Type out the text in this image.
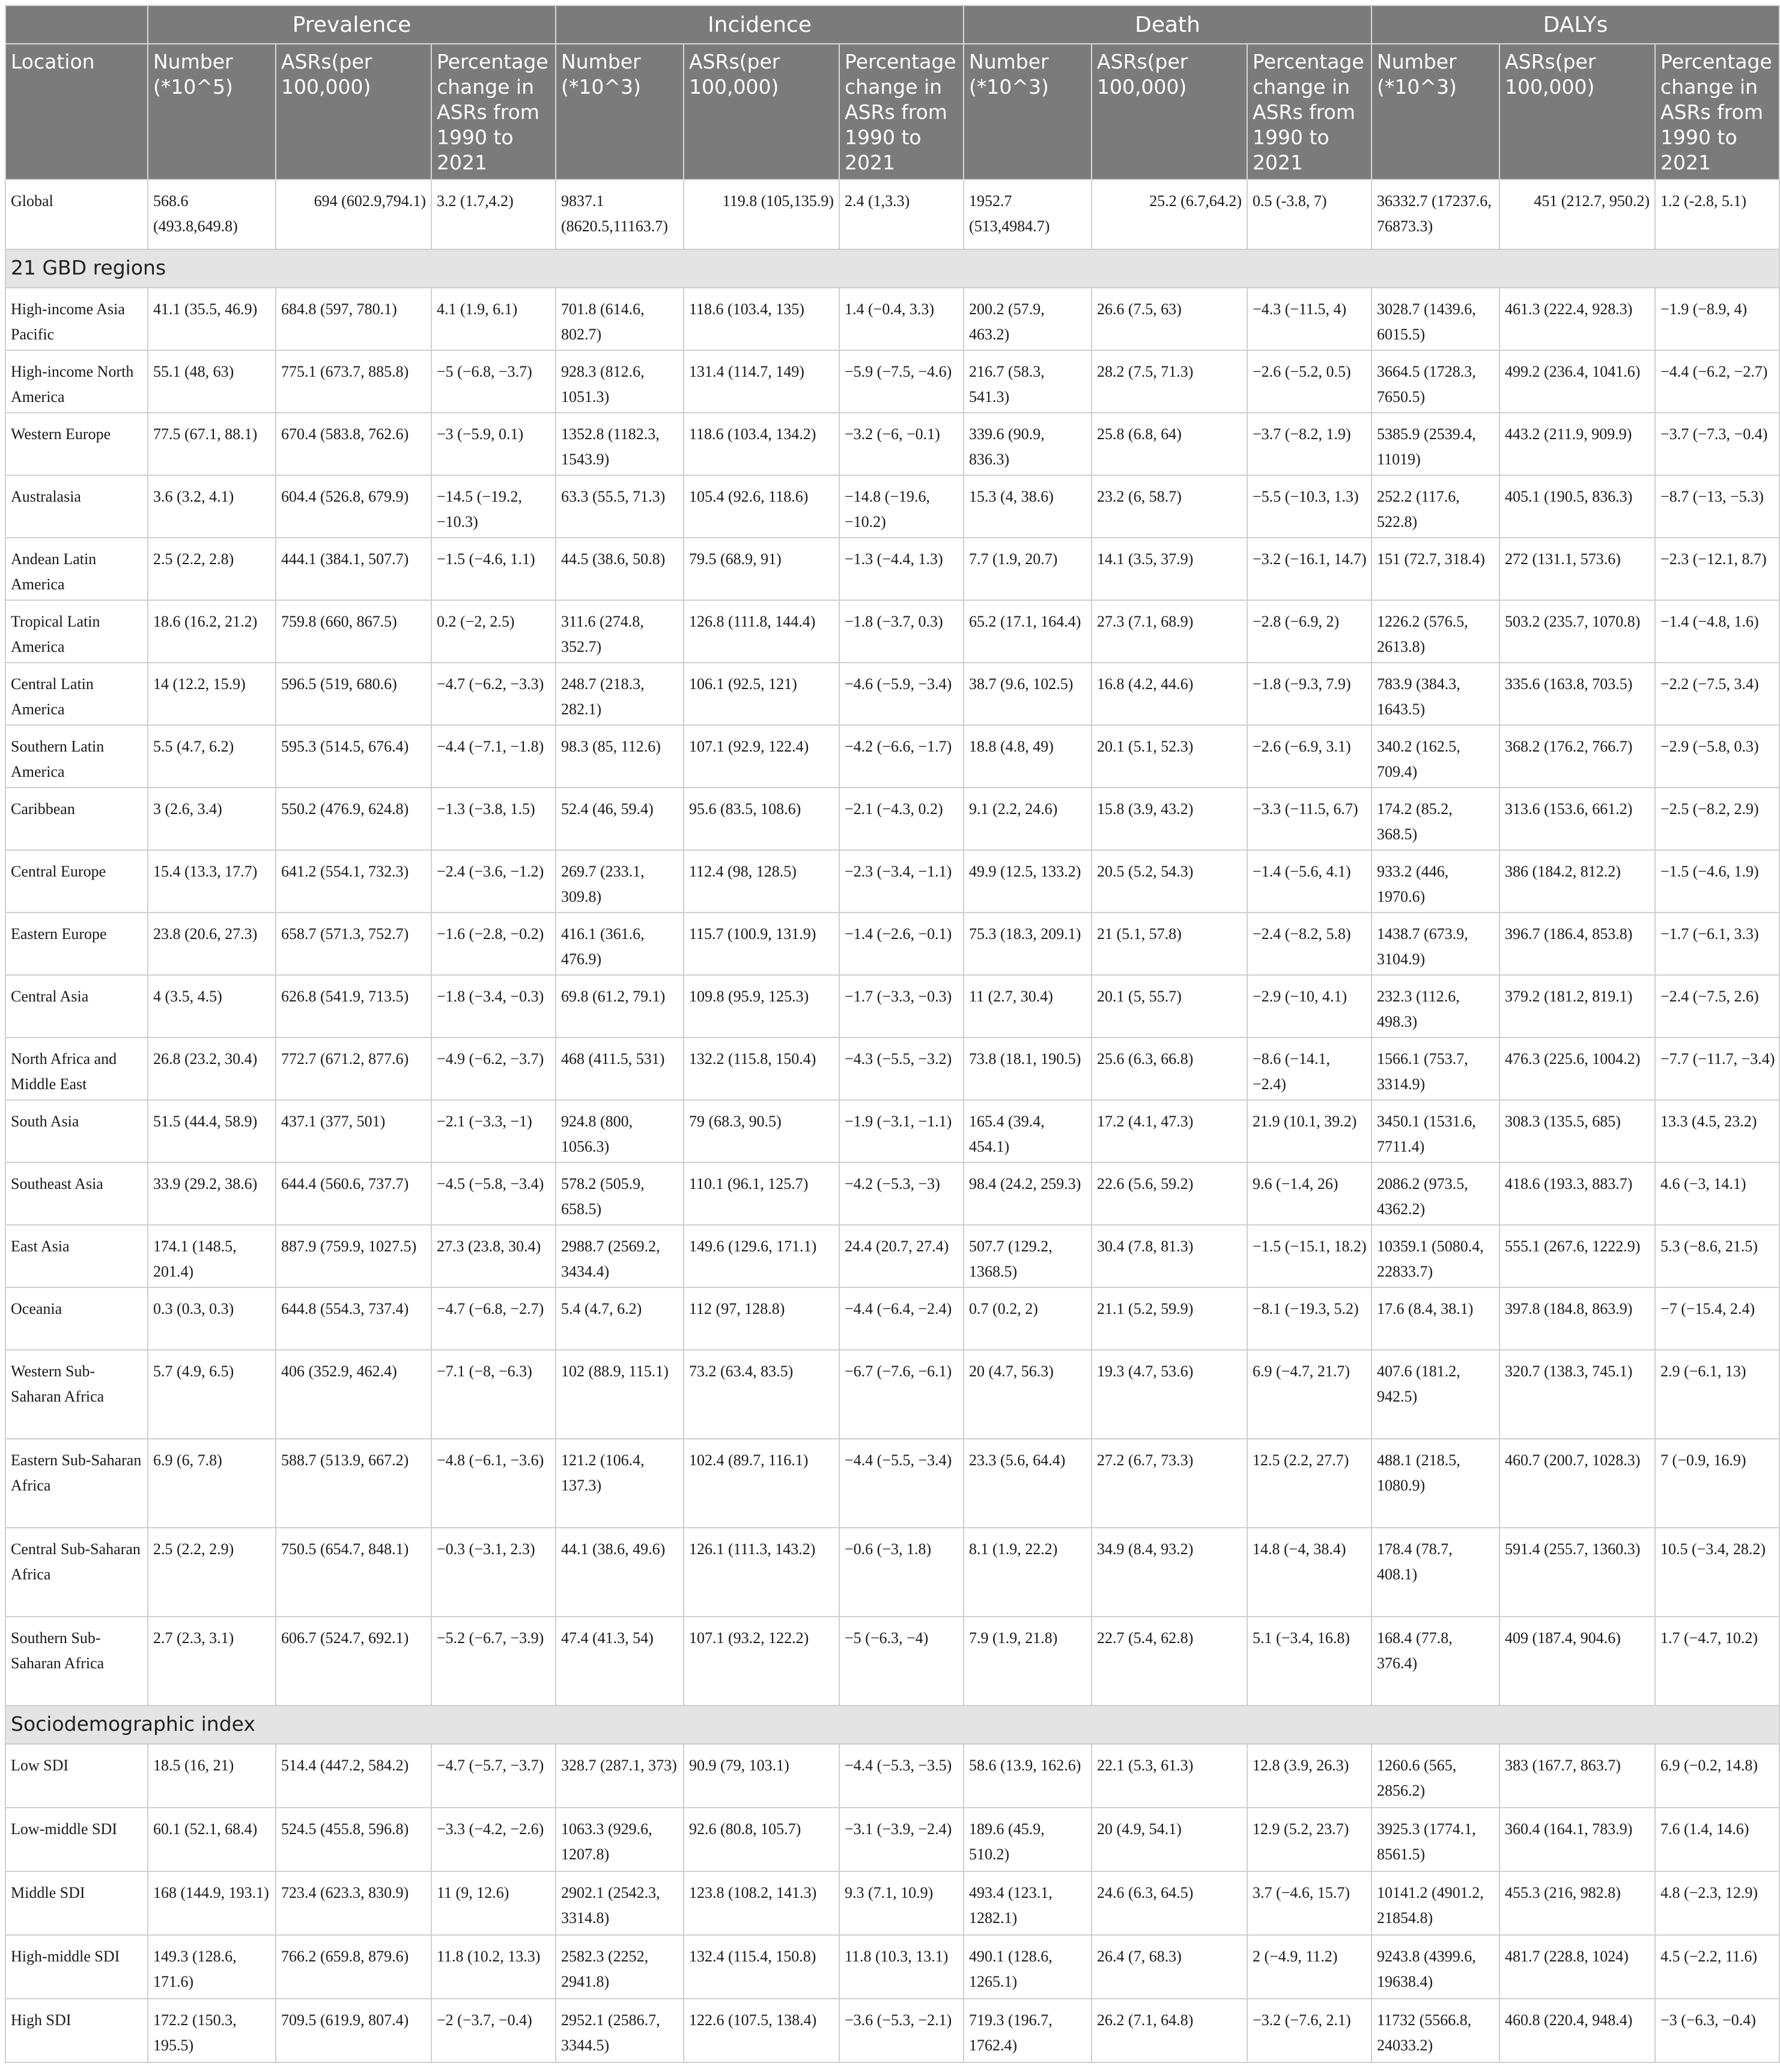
	Prevalence			Incidence			Death			DALYs		
Location	Number (*10^5)	ASRs(per 100,000)	Percentage change in ASRs from 1990 to 2021	Number (*10^3)	ASRs(per 100,000)	Percentage change in ASRs from 1990 to 2021	Number (*10^3)	ASRs(per 100,000)	Percentage change in ASRs from 1990 to 2021	Number (*10^3)	ASRs(per 100,000)	Percentage change in ASRs from 1990 to 2021
Global	568.6 (493.8,649.8)	694 (602.9,794.1)	3.2 (1.7,4.2)	9837.1 (8620.5,11163.7)	119.8 (105,135.9)	2.4 (1,3.3)	1952.7 (513,4984.7)	25.2 (6.7,64.2)	0.5 (-3.8, 7)	36332.7 (17237.6, 76873.3)	451 (212.7, 950.2)	1.2 (-2.8, 5.1)
21 GBD regions												
High-income Asia Pacific	41.1 (35.5, 46.9)	684.8 (597, 780.1)	4.1 (1.9, 6.1)	701.8 (614.6, 802.7)	118.6 (103.4, 135)	1.4 (−0.4, 3.3)	200.2 (57.9, 463.2)	26.6 (7.5, 63)	−4.3 (−11.5, 4)	3028.7 (1439.6, 6015.5)	461.3 (222.4, 928.3)	−1.9 (−8.9, 4)
High-income North America	55.1 (48, 63)	775.1 (673.7, 885.8)	−5 (−6.8, −3.7)	928.3 (812.6, 1051.3)	131.4 (114.7, 149)	−5.9 (−7.5, −4.6)	216.7 (58.3, 541.3)	28.2 (7.5, 71.3)	−2.6 (−5.2, 0.5)	3664.5 (1728.3, 7650.5)	499.2 (236.4, 1041.6)	−4.4 (−6.2, −2.7)
Western Europe	77.5 (67.1, 88.1)	670.4 (583.8, 762.6)	−3 (−5.9, 0.1)	1352.8 (1182.3, 1543.9)	118.6 (103.4, 134.2)	−3.2 (−6, −0.1)	339.6 (90.9, 836.3)	25.8 (6.8, 64)	−3.7 (−8.2, 1.9)	5385.9 (2539.4, 11019)	443.2 (211.9, 909.9)	−3.7 (−7.3, −0.4)
Australasia	3.6 (3.2, 4.1)	604.4 (526.8, 679.9)	−14.5 (−19.2, −10.3)	63.3 (55.5, 71.3)	105.4 (92.6, 118.6)	−14.8 (−19.6, −10.2)	15.3 (4, 38.6)	23.2 (6, 58.7)	−5.5 (−10.3, 1.3)	252.2 (117.6, 522.8)	405.1 (190.5, 836.3)	−8.7 (−13, −5.3)
Andean Latin America	2.5 (2.2, 2.8)	444.1 (384.1, 507.7)	−1.5 (−4.6, 1.1)	44.5 (38.6, 50.8)	79.5 (68.9, 91)	−1.3 (−4.4, 1.3)	7.7 (1.9, 20.7)	14.1 (3.5, 37.9)	−3.2 (−16.1, 14.7)	151 (72.7, 318.4)	272 (131.1, 573.6)	−2.3 (−12.1, 8.7)
Tropical Latin America	18.6 (16.2, 21.2)	759.8 (660, 867.5)	0.2 (−2, 2.5)	311.6 (274.8, 352.7)	126.8 (111.8, 144.4)	−1.8 (−3.7, 0.3)	65.2 (17.1, 164.4)	27.3 (7.1, 68.9)	−2.8 (−6.9, 2)	1226.2 (576.5, 2613.8)	503.2 (235.7, 1070.8)	−1.4 (−4.8, 1.6)
Central Latin America	14 (12.2, 15.9)	596.5 (519, 680.6)	−4.7 (−6.2, −3.3)	248.7 (218.3, 282.1)	106.1 (92.5, 121)	−4.6 (−5.9, −3.4)	38.7 (9.6, 102.5)	16.8 (4.2, 44.6)	−1.8 (−9.3, 7.9)	783.9 (384.3, 1643.5)	335.6 (163.8, 703.5)	−2.2 (−7.5, 3.4)
Southern Latin America	5.5 (4.7, 6.2)	595.3 (514.5, 676.4)	−4.4 (−7.1, −1.8)	98.3 (85, 112.6)	107.1 (92.9, 122.4)	−4.2 (−6.6, −1.7)	18.8 (4.8, 49)	20.1 (5.1, 52.3)	−2.6 (−6.9, 3.1)	340.2 (162.5, 709.4)	368.2 (176.2, 766.7)	−2.9 (−5.8, 0.3)
Caribbean	3 (2.6, 3.4)	550.2 (476.9, 624.8)	−1.3 (−3.8, 1.5)	52.4 (46, 59.4)	95.6 (83.5, 108.6)	−2.1 (−4.3, 0.2)	9.1 (2.2, 24.6)	15.8 (3.9, 43.2)	−3.3 (−11.5, 6.7)	174.2 (85.2, 368.5)	313.6 (153.6, 661.2)	−2.5 (−8.2, 2.9)
Central Europe	15.4 (13.3, 17.7)	641.2 (554.1, 732.3)	−2.4 (−3.6, −1.2)	269.7 (233.1, 309.8)	112.4 (98, 128.5)	−2.3 (−3.4, −1.1)	49.9 (12.5, 133.2)	20.5 (5.2, 54.3)	−1.4 (−5.6, 4.1)	933.2 (446, 1970.6)	386 (184.2, 812.2)	−1.5 (−4.6, 1.9)
Eastern Europe	23.8 (20.6, 27.3)	658.7 (571.3, 752.7)	−1.6 (−2.8, −0.2)	416.1 (361.6, 476.9)	115.7 (100.9, 131.9)	−1.4 (−2.6, −0.1)	75.3 (18.3, 209.1)	21 (5.1, 57.8)	−2.4 (−8.2, 5.8)	1438.7 (673.9, 3104.9)	396.7 (186.4, 853.8)	−1.7 (−6.1, 3.3)
Central Asia	4 (3.5, 4.5)	626.8 (541.9, 713.5)	−1.8 (−3.4, −0.3)	69.8 (61.2, 79.1)	109.8 (95.9, 125.3)	−1.7 (−3.3, −0.3)	11 (2.7, 30.4)	20.1 (5, 55.7)	−2.9 (−10, 4.1)	232.3 (112.6, 498.3)	379.2 (181.2, 819.1)	−2.4 (−7.5, 2.6)
North Africa and Middle East	26.8 (23.2, 30.4)	772.7 (671.2, 877.6)	−4.9 (−6.2, −3.7)	468 (411.5, 531)	132.2 (115.8, 150.4)	−4.3 (−5.5, −3.2)	73.8 (18.1, 190.5)	25.6 (6.3, 66.8)	−8.6 (−14.1, −2.4)	1566.1 (753.7, 3314.9)	476.3 (225.6, 1004.2)	−7.7 (−11.7, −3.4)
South Asia	51.5 (44.4, 58.9)	437.1 (377, 501)	−2.1 (−3.3, −1)	924.8 (800, 1056.3)	79 (68.3, 90.5)	−1.9 (−3.1, −1.1)	165.4 (39.4, 454.1)	17.2 (4.1, 47.3)	21.9 (10.1, 39.2)	3450.1 (1531.6, 7711.4)	308.3 (135.5, 685)	13.3 (4.5, 23.2)
Southeast Asia	33.9 (29.2, 38.6)	644.4 (560.6, 737.7)	−4.5 (−5.8, −3.4)	578.2 (505.9, 658.5)	110.1 (96.1, 125.7)	−4.2 (−5.3, −3)	98.4 (24.2, 259.3)	22.6 (5.6, 59.2)	9.6 (−1.4, 26)	2086.2 (973.5, 4362.2)	418.6 (193.3, 883.7)	4.6 (−3, 14.1)
East Asia	174.1 (148.5, 201.4)	887.9 (759.9, 1027.5)	27.3 (23.8, 30.4)	2988.7 (2569.2, 3434.4)	149.6 (129.6, 171.1)	24.4 (20.7, 27.4)	507.7 (129.2, 1368.5)	30.4 (7.8, 81.3)	−1.5 (−15.1, 18.2)	10359.1 (5080.4, 22833.7)	555.1 (267.6, 1222.9)	5.3 (−8.6, 21.5)
Oceania	0.3 (0.3, 0.3)	644.8 (554.3, 737.4)	−4.7 (−6.8, −2.7)	5.4 (4.7, 6.2)	112 (97, 128.8)	−4.4 (−6.4, −2.4)	0.7 (0.2, 2)	21.1 (5.2, 59.9)	−8.1 (−19.3, 5.2)	17.6 (8.4, 38.1)	397.8 (184.8, 863.9)	−7 (−15.4, 2.4)
Western Sub-Saharan Africa	5.7 (4.9, 6.5)	406 (352.9, 462.4)	−7.1 (−8, −6.3)	102 (88.9, 115.1)	73.2 (63.4, 83.5)	−6.7 (−7.6, −6.1)	20 (4.7, 56.3)	19.3 (4.7, 53.6)	6.9 (−4.7, 21.7)	407.6 (181.2, 942.5)	320.7 (138.3, 745.1)	2.9 (−6.1, 13)
Eastern Sub-Saharan Africa	6.9 (6, 7.8)	588.7 (513.9, 667.2)	−4.8 (−6.1, −3.6)	121.2 (106.4, 137.3)	102.4 (89.7, 116.1)	−4.4 (−5.5, −3.4)	23.3 (5.6, 64.4)	27.2 (6.7, 73.3)	12.5 (2.2, 27.7)	488.1 (218.5, 1080.9)	460.7 (200.7, 1028.3)	7 (−0.9, 16.9)
Central Sub-Saharan Africa	2.5 (2.2, 2.9)	750.5 (654.7, 848.1)	−0.3 (−3.1, 2.3)	44.1 (38.6, 49.6)	126.1 (111.3, 143.2)	−0.6 (−3, 1.8)	8.1 (1.9, 22.2)	34.9 (8.4, 93.2)	14.8 (−4, 38.4)	178.4 (78.7, 408.1)	591.4 (255.7, 1360.3)	10.5 (−3.4, 28.2)
Southern Sub-Saharan Africa	2.7 (2.3, 3.1)	606.7 (524.7, 692.1)	−5.2 (−6.7, −3.9)	47.4 (41.3, 54)	107.1 (93.2, 122.2)	−5 (−6.3, −4)	7.9 (1.9, 21.8)	22.7 (5.4, 62.8)	5.1 (−3.4, 16.8)	168.4 (77.8, 376.4)	409 (187.4, 904.6)	1.7 (−4.7, 10.2)
Sociodemographic index												
Low SDI	18.5 (16, 21)	514.4 (447.2, 584.2)	−4.7 (−5.7, −3.7)	328.7 (287.1, 373)	90.9 (79, 103.1)	−4.4 (−5.3, −3.5)	58.6 (13.9, 162.6)	22.1 (5.3, 61.3)	12.8 (3.9, 26.3)	1260.6 (565, 2856.2)	383 (167.7, 863.7)	6.9 (−0.2, 14.8)
Low-middle SDI	60.1 (52.1, 68.4)	524.5 (455.8, 596.8)	−3.3 (−4.2, −2.6)	1063.3 (929.6, 1207.8)	92.6 (80.8, 105.7)	−3.1 (−3.9, −2.4)	189.6 (45.9, 510.2)	20 (4.9, 54.1)	12.9 (5.2, 23.7)	3925.3 (1774.1, 8561.5)	360.4 (164.1, 783.9)	7.6 (1.4, 14.6)
Middle SDI	168 (144.9, 193.1)	723.4 (623.3, 830.9)	11 (9, 12.6)	2902.1 (2542.3, 3314.8)	123.8 (108.2, 141.3)	9.3 (7.1, 10.9)	493.4 (123.1, 1282.1)	24.6 (6.3, 64.5)	3.7 (−4.6, 15.7)	10141.2 (4901.2, 21854.8)	455.3 (216, 982.8)	4.8 (−2.3, 12.9)
High-middle SDI	149.3 (128.6, 171.6)	766.2 (659.8, 879.6)	11.8 (10.2, 13.3)	2582.3 (2252, 2941.8)	132.4 (115.4, 150.8)	11.8 (10.3, 13.1)	490.1 (128.6, 1265.1)	26.4 (7, 68.3)	2 (−4.9, 11.2)	9243.8 (4399.6, 19638.4)	481.7 (228.8, 1024)	4.5 (−2.2, 11.6)
High SDI	172.2 (150.3, 195.5)	709.5 (619.9, 807.4)	−2 (−3.7, −0.4)	2952.1 (2586.7, 3344.5)	122.6 (107.5, 138.4)	−3.6 (−5.3, −2.1)	719.3 (196.7, 1762.4)	26.2 (7.1, 64.8)	−3.2 (−7.6, 2.1)	11732 (5566.8, 24033.2)	460.8 (220.4, 948.4)	−3 (−6.3, −0.4)
